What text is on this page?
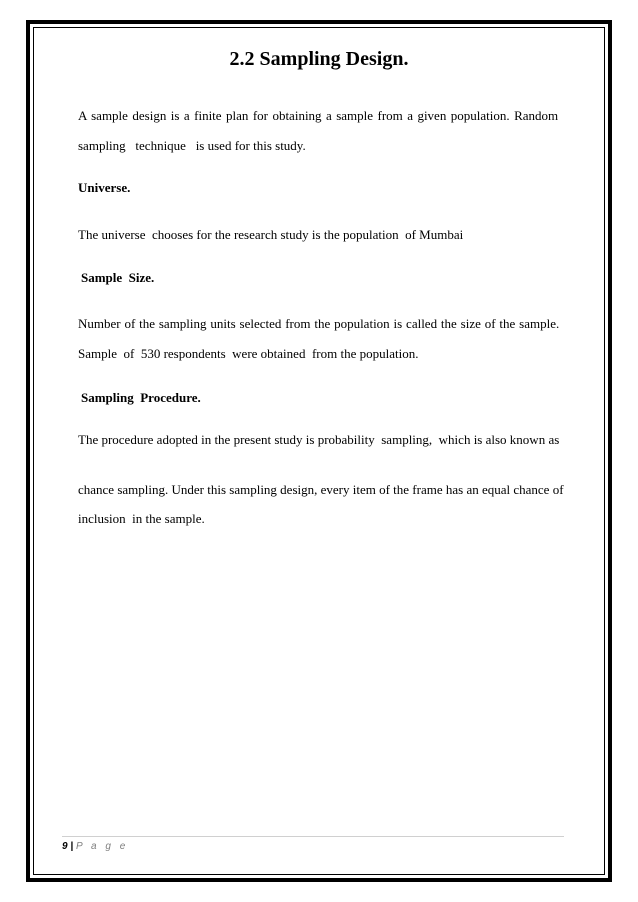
2.2 Sampling Design.
A sample design is a finite plan for obtaining a sample from a given population. Random
sampling   technique   is used for this study.
Universe.
The universe  chooses for the research study is the population  of Mumbai
Sample  Size.
Number of the sampling units selected from the population is called the size of the sample.
Sample  of  530 respondents  were obtained  from the population.
Sampling  Procedure.
The procedure adopted in the present study is probability  sampling,  which is also known as
chance sampling. Under this sampling design, every item of the frame has an equal chance of
inclusion  in the sample.
9 | P a g e
